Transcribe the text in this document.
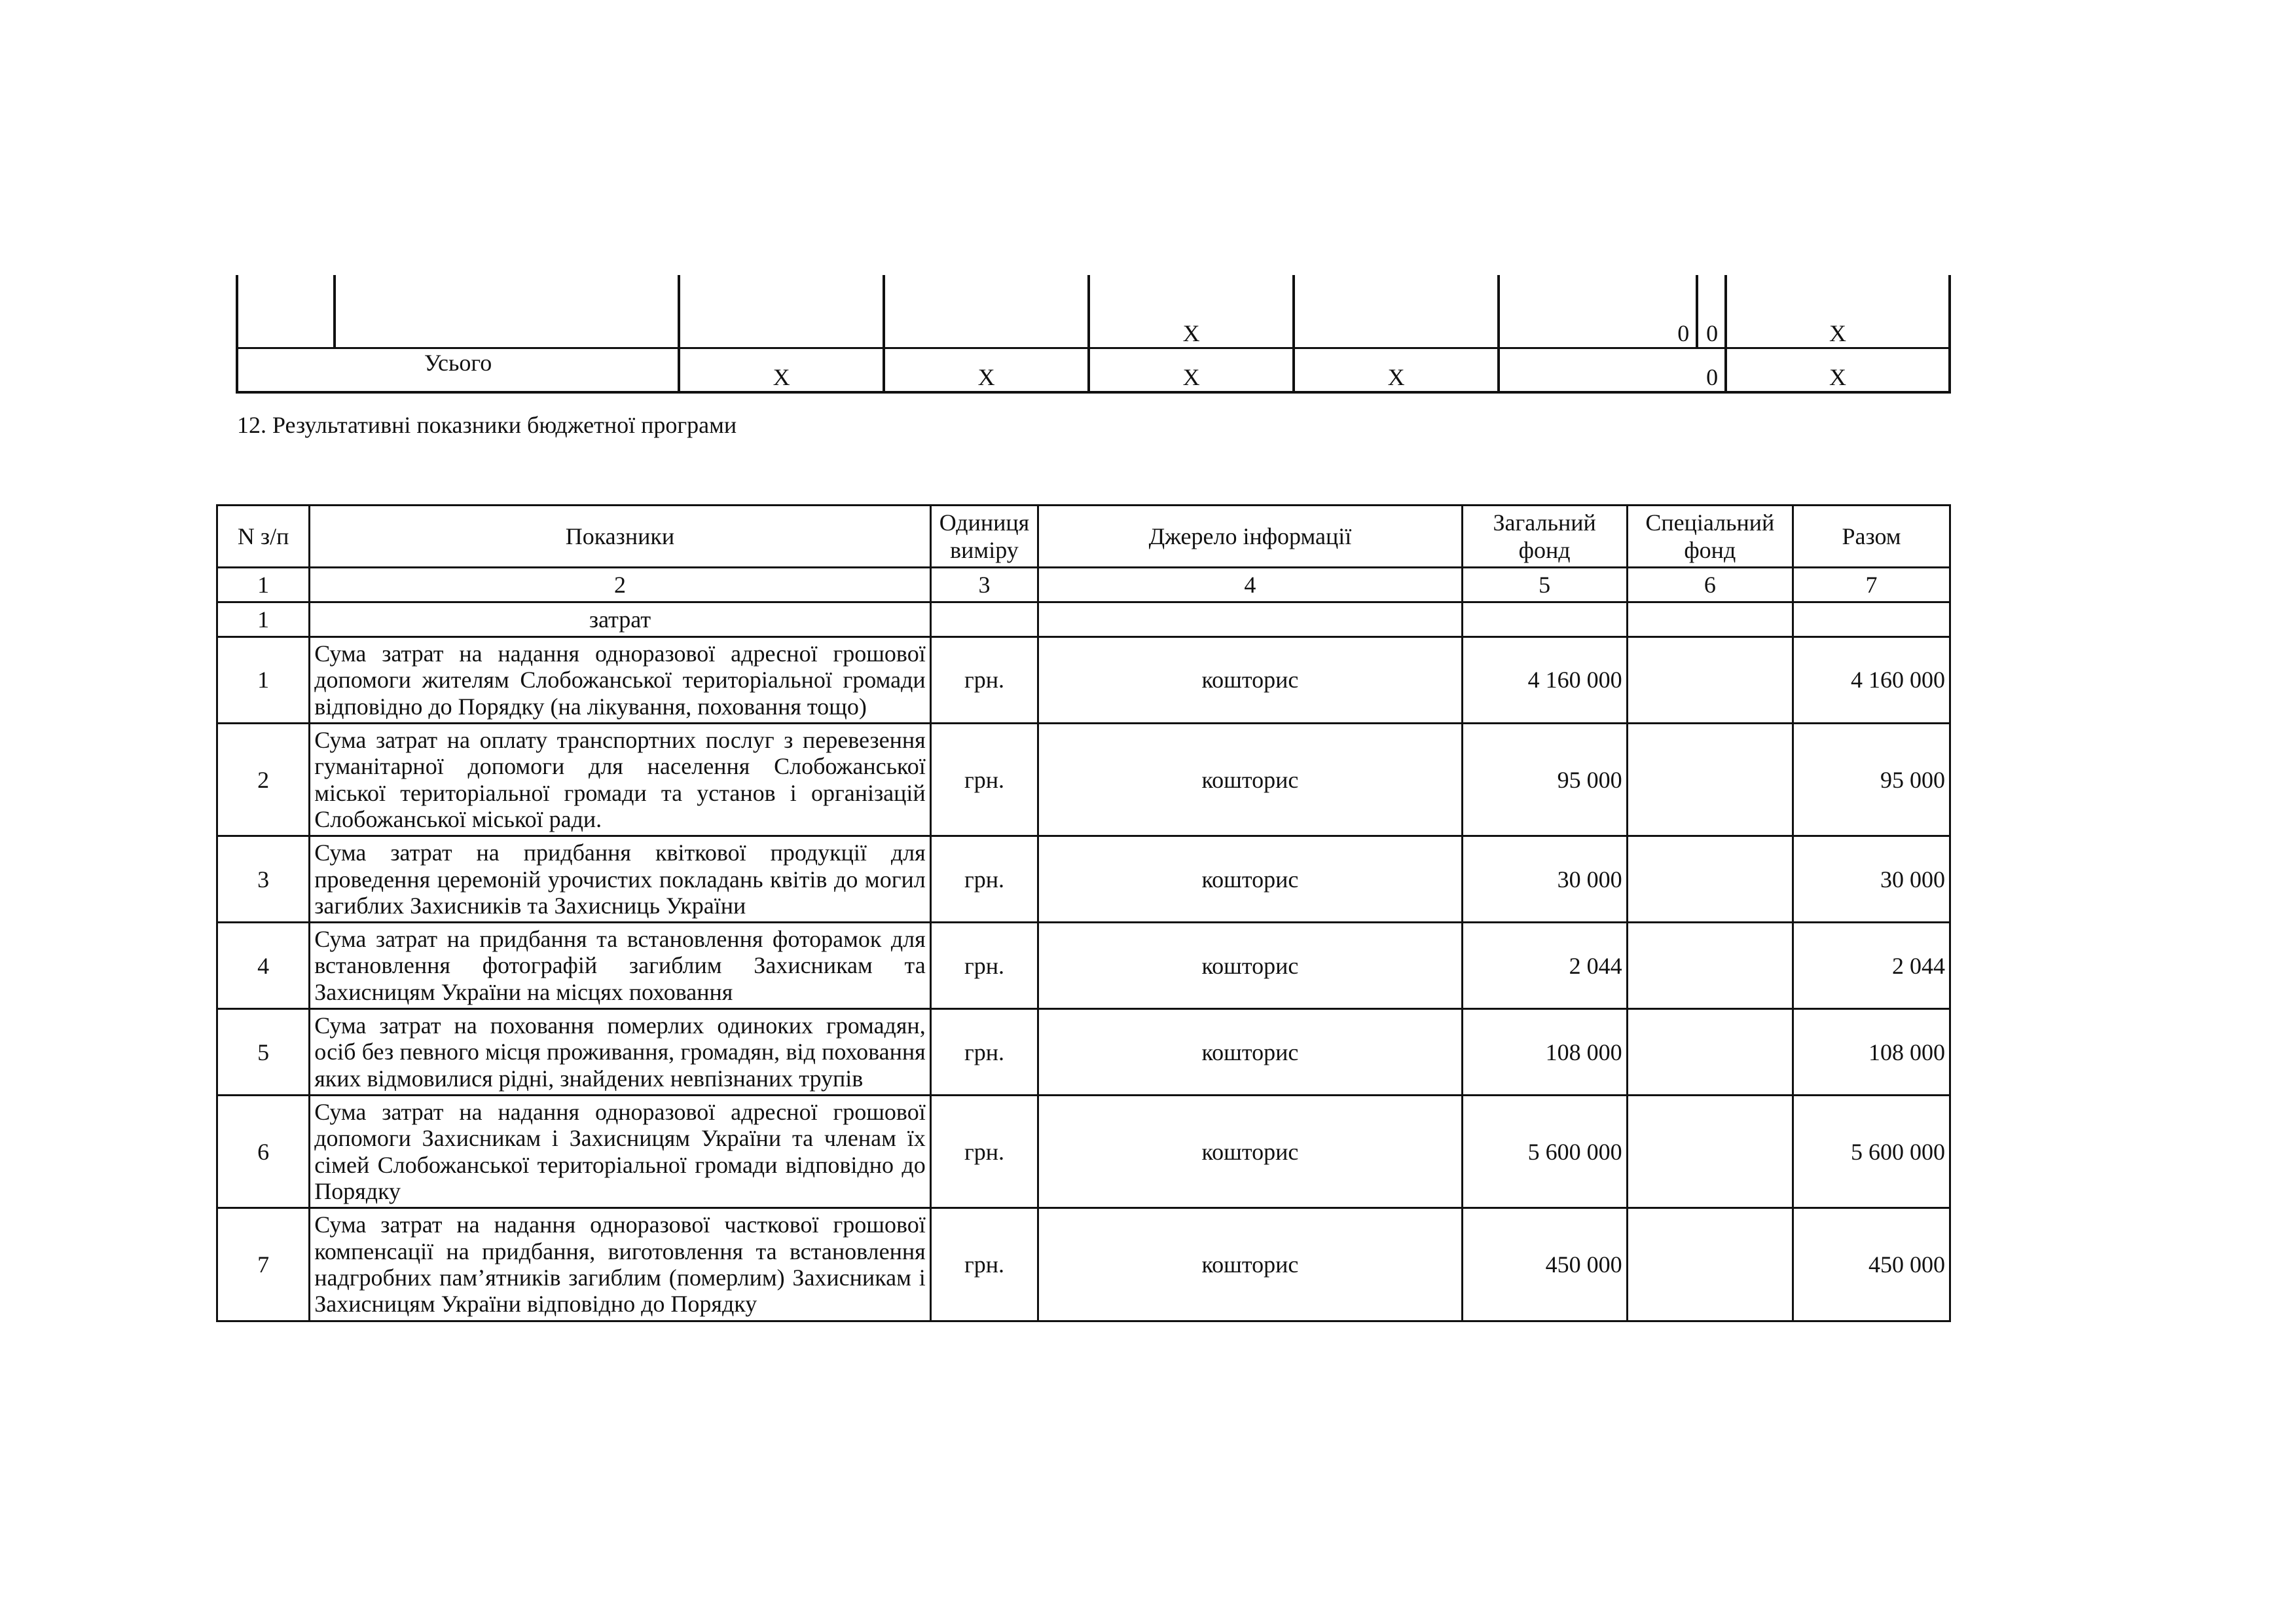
				X		0	0	X
Усього		X	X	X	X	0		X
12. Результативні показники бюджетної програми
N з/п	Показники	Одиниця виміру	Джерело інформації	Загальний фонд	Спеціальний фонд	Разом
1	2	3	4	5	6	7
1	затрат					
1	Сума затрат на надання одноразової адресної грошової допомоги жителям Слобожанської територіальної громади відповідно до Порядку (на лікування, поховання тощо)	грн.	кошторис	4 160 000		4 160 000
2	Сума затрат на оплату транспортних послуг з перевезення гуманітарної допомоги для населення Слобожанської міської територіальної громади та установ і організацій Слобожанської міської ради.	грн.	кошторис	95 000		95 000
3	Сума затрат на придбання квіткової продукції для проведення церемоній урочистих покладань квітів до могил загиблих Захисників та Захисниць України	грн.	кошторис	30 000		30 000
4	Сума затрат на придбання та встановлення фоторамок для встановлення фотографій загиблим Захисникам та Захисницям України на місцях поховання	грн.	кошторис	2 044		2 044
5	Сума затрат на поховання померлих одиноких громадян, осіб без певного місця проживання, громадян, від поховання яких відмовилися рідні, знайдених невпізнаних трупів	грн.	кошторис	108 000		108 000
6	Сума затрат на надання одноразової адресної грошової допомоги Захисникам і Захисницям України та членам їх сімей Слобожанської територіальної громади відповідно до Порядку	грн.	кошторис	5 600 000		5 600 000
7	Сума затрат на надання одноразової часткової грошової компенсації на придбання, виготовлення та встановлення надгробних пам’ятників загиблим (померлим) Захисникам і Захисницям України відповідно до Порядку	грн.	кошторис	450 000		450 000
